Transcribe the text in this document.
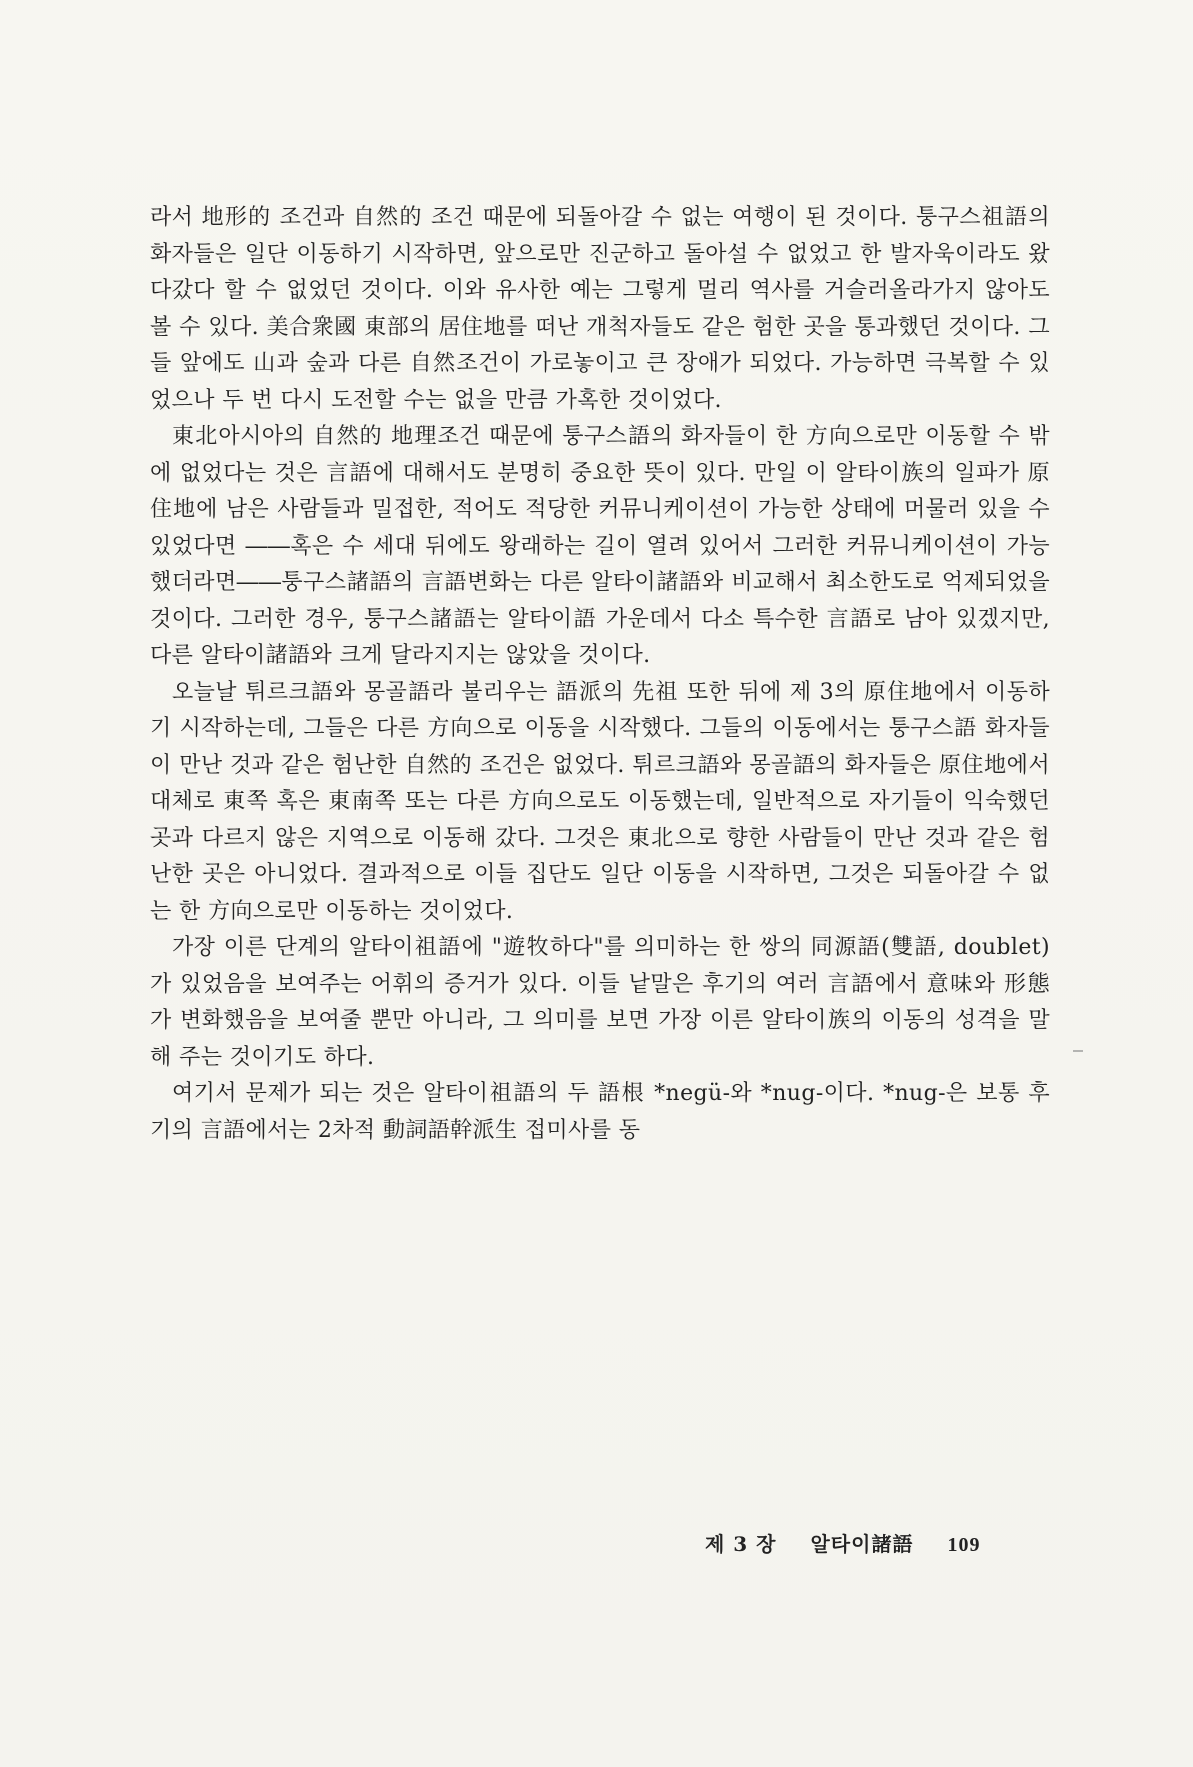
라서 地形的 조건과 自然的 조건 때문에 되돌아갈 수 없는 여행이 된 것이다. 퉁구스祖語의 화자들은 일단 이동하기 시작하면, 앞으로만 진군하고 돌아설 수 없었고 한 발자욱이라도 왔다갔다 할 수 없었던 것이다. 이와 유사한 예는 그렇게 멀리 역사를 거슬러올라가지 않아도 볼 수 있다. 美合衆國 東部의 居住地를 떠난 개척자들도 같은 험한 곳을 통과했던 것이다. 그들 앞에도 山과 숲과 다른 自然조건이 가로놓이고 큰 장애가 되었다. 가능하면 극복할 수 있었으나 두 번 다시 도전할 수는 없을 만큼 가혹한 것이었다.

東北아시아의 自然的 地理조건 때문에 퉁구스語의 화자들이 한 方向으로만 이동할 수 밖에 없었다는 것은 言語에 대해서도 분명히 중요한 뜻이 있다. 만일 이 알타이族의 일파가 原住地에 남은 사람들과 밀접한, 적어도 적당한 커뮤니케이션이 가능한 상태에 머물러 있을 수 있었다면 ――혹은 수 세대 뒤에도 왕래하는 길이 열려 있어서 그러한 커뮤니케이션이 가능했더라면――퉁구스諸語의 言語변화는 다른 알타이諸語와 비교해서 최소한도로 억제되었을 것이다. 그러한 경우, 퉁구스諸語는 알타이語 가운데서 다소 특수한 言語로 남아 있겠지만, 다른 알타이諸語와 크게 달라지지는 않았을 것이다.

오늘날 튀르크語와 몽골語라 불리우는 語派의 先祖 또한 뒤에 제 3의 原住地에서 이동하기 시작하는데, 그들은 다른 方向으로 이동을 시작했다. 그들의 이동에서는 퉁구스語 화자들이 만난 것과 같은 험난한 自然的 조건은 없었다. 튀르크語와 몽골語의 화자들은 原住地에서 대체로 東쪽 혹은 東南쪽 또는 다른 方向으로도 이동했는데, 일반적으로 자기들이 익숙했던 곳과 다르지 않은 지역으로 이동해 갔다. 그것은 東北으로 향한 사람들이 만난 것과 같은 험난한 곳은 아니었다. 결과적으로 이들 집단도 일단 이동을 시작하면, 그것은 되돌아갈 수 없는 한 方向으로만 이동하는 것이었다.

가장 이른 단계의 알타이祖語에 "遊牧하다"를 의미하는 한 쌍의 同源語(雙語, doublet)가 있었음을 보여주는 어휘의 증거가 있다. 이들 낱말은 후기의 여러 言語에서 意味와 形態가 변화했음을 보여줄 뿐만 아니라, 그 의미를 보면 가장 이른 알타이族의 이동의 성격을 말해 주는 것이기도 하다.

여기서 문제가 되는 것은 알타이祖語의 두 語根 *negü-와 *nug-이다. *nug-은 보통 후기의 言語에서는 2차적 動詞語幹派生 접미사를 동

제 3 장 알타이諸語 109
